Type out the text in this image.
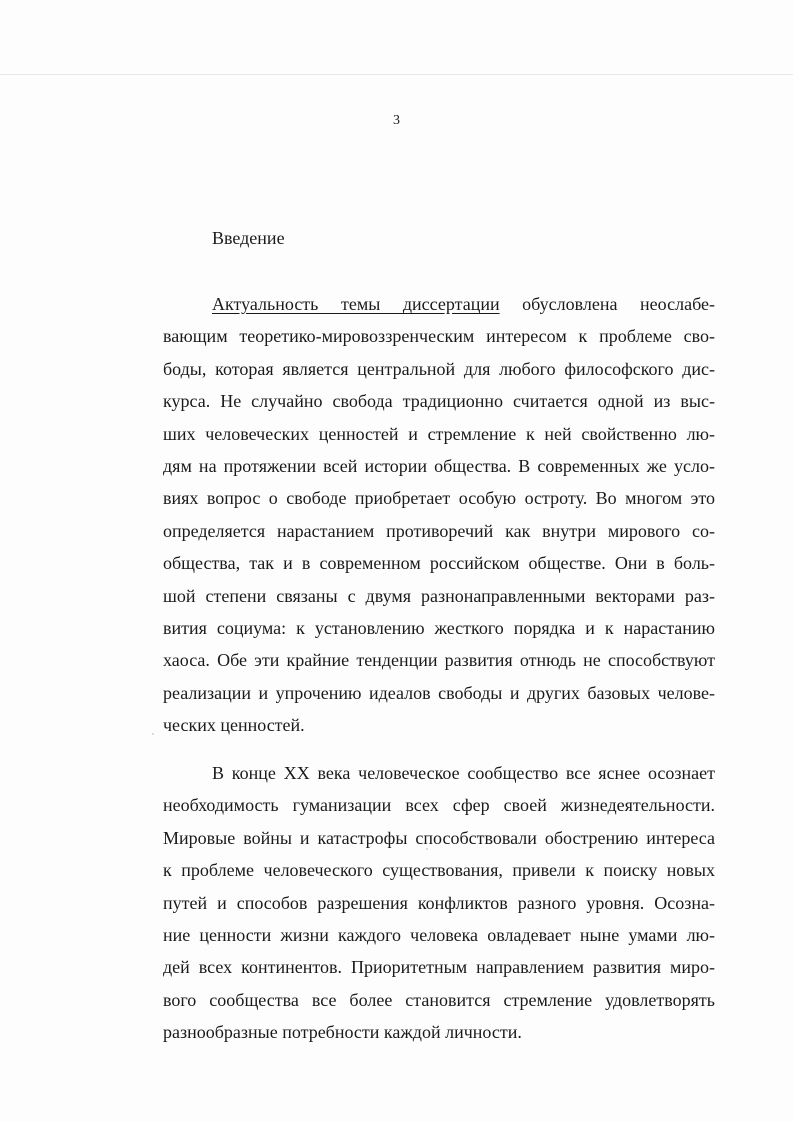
3
Введение
Актуальность темы диссертации обусловлена неослабе-
вающим теоретико-мировоззренческим интересом к проблеме сво-
боды, которая является центральной для любого философского дис-
курса. Не случайно свобода традиционно считается одной из выс-
ших человеческих ценностей и стремление к ней свойственно лю-
дям на протяжении всей истории общества. В современных же усло-
виях вопрос о свободе приобретает особую остроту. Во многом это
определяется нарастанием противоречий как внутри мирового со-
общества, так и в современном российском обществе. Они в боль-
шой степени связаны с двумя разнонаправленными векторами раз-
вития социума: к установлению жесткого порядка и к нарастанию
хаоса. Обе эти крайние тенденции развития отнюдь не способствуют
реализации и упрочению идеалов свободы и других базовых челове-
ческих ценностей.
В конце XX века человеческое сообщество все яснее осознает
необходимость гуманизации всех сфер своей жизнедеятельности.
Мировые войны и катастрофы способствовали обострению интереса
к проблеме человеческого существования, привели к поиску новых
путей и способов разрешения конфликтов разного уровня. Осозна-
ние ценности жизни каждого человека овладевает ныне умами лю-
дей всех континентов. Приоритетным направлением развития миро-
вого сообщества все более становится стремление удовлетворять
разнообразные потребности каждой личности.
